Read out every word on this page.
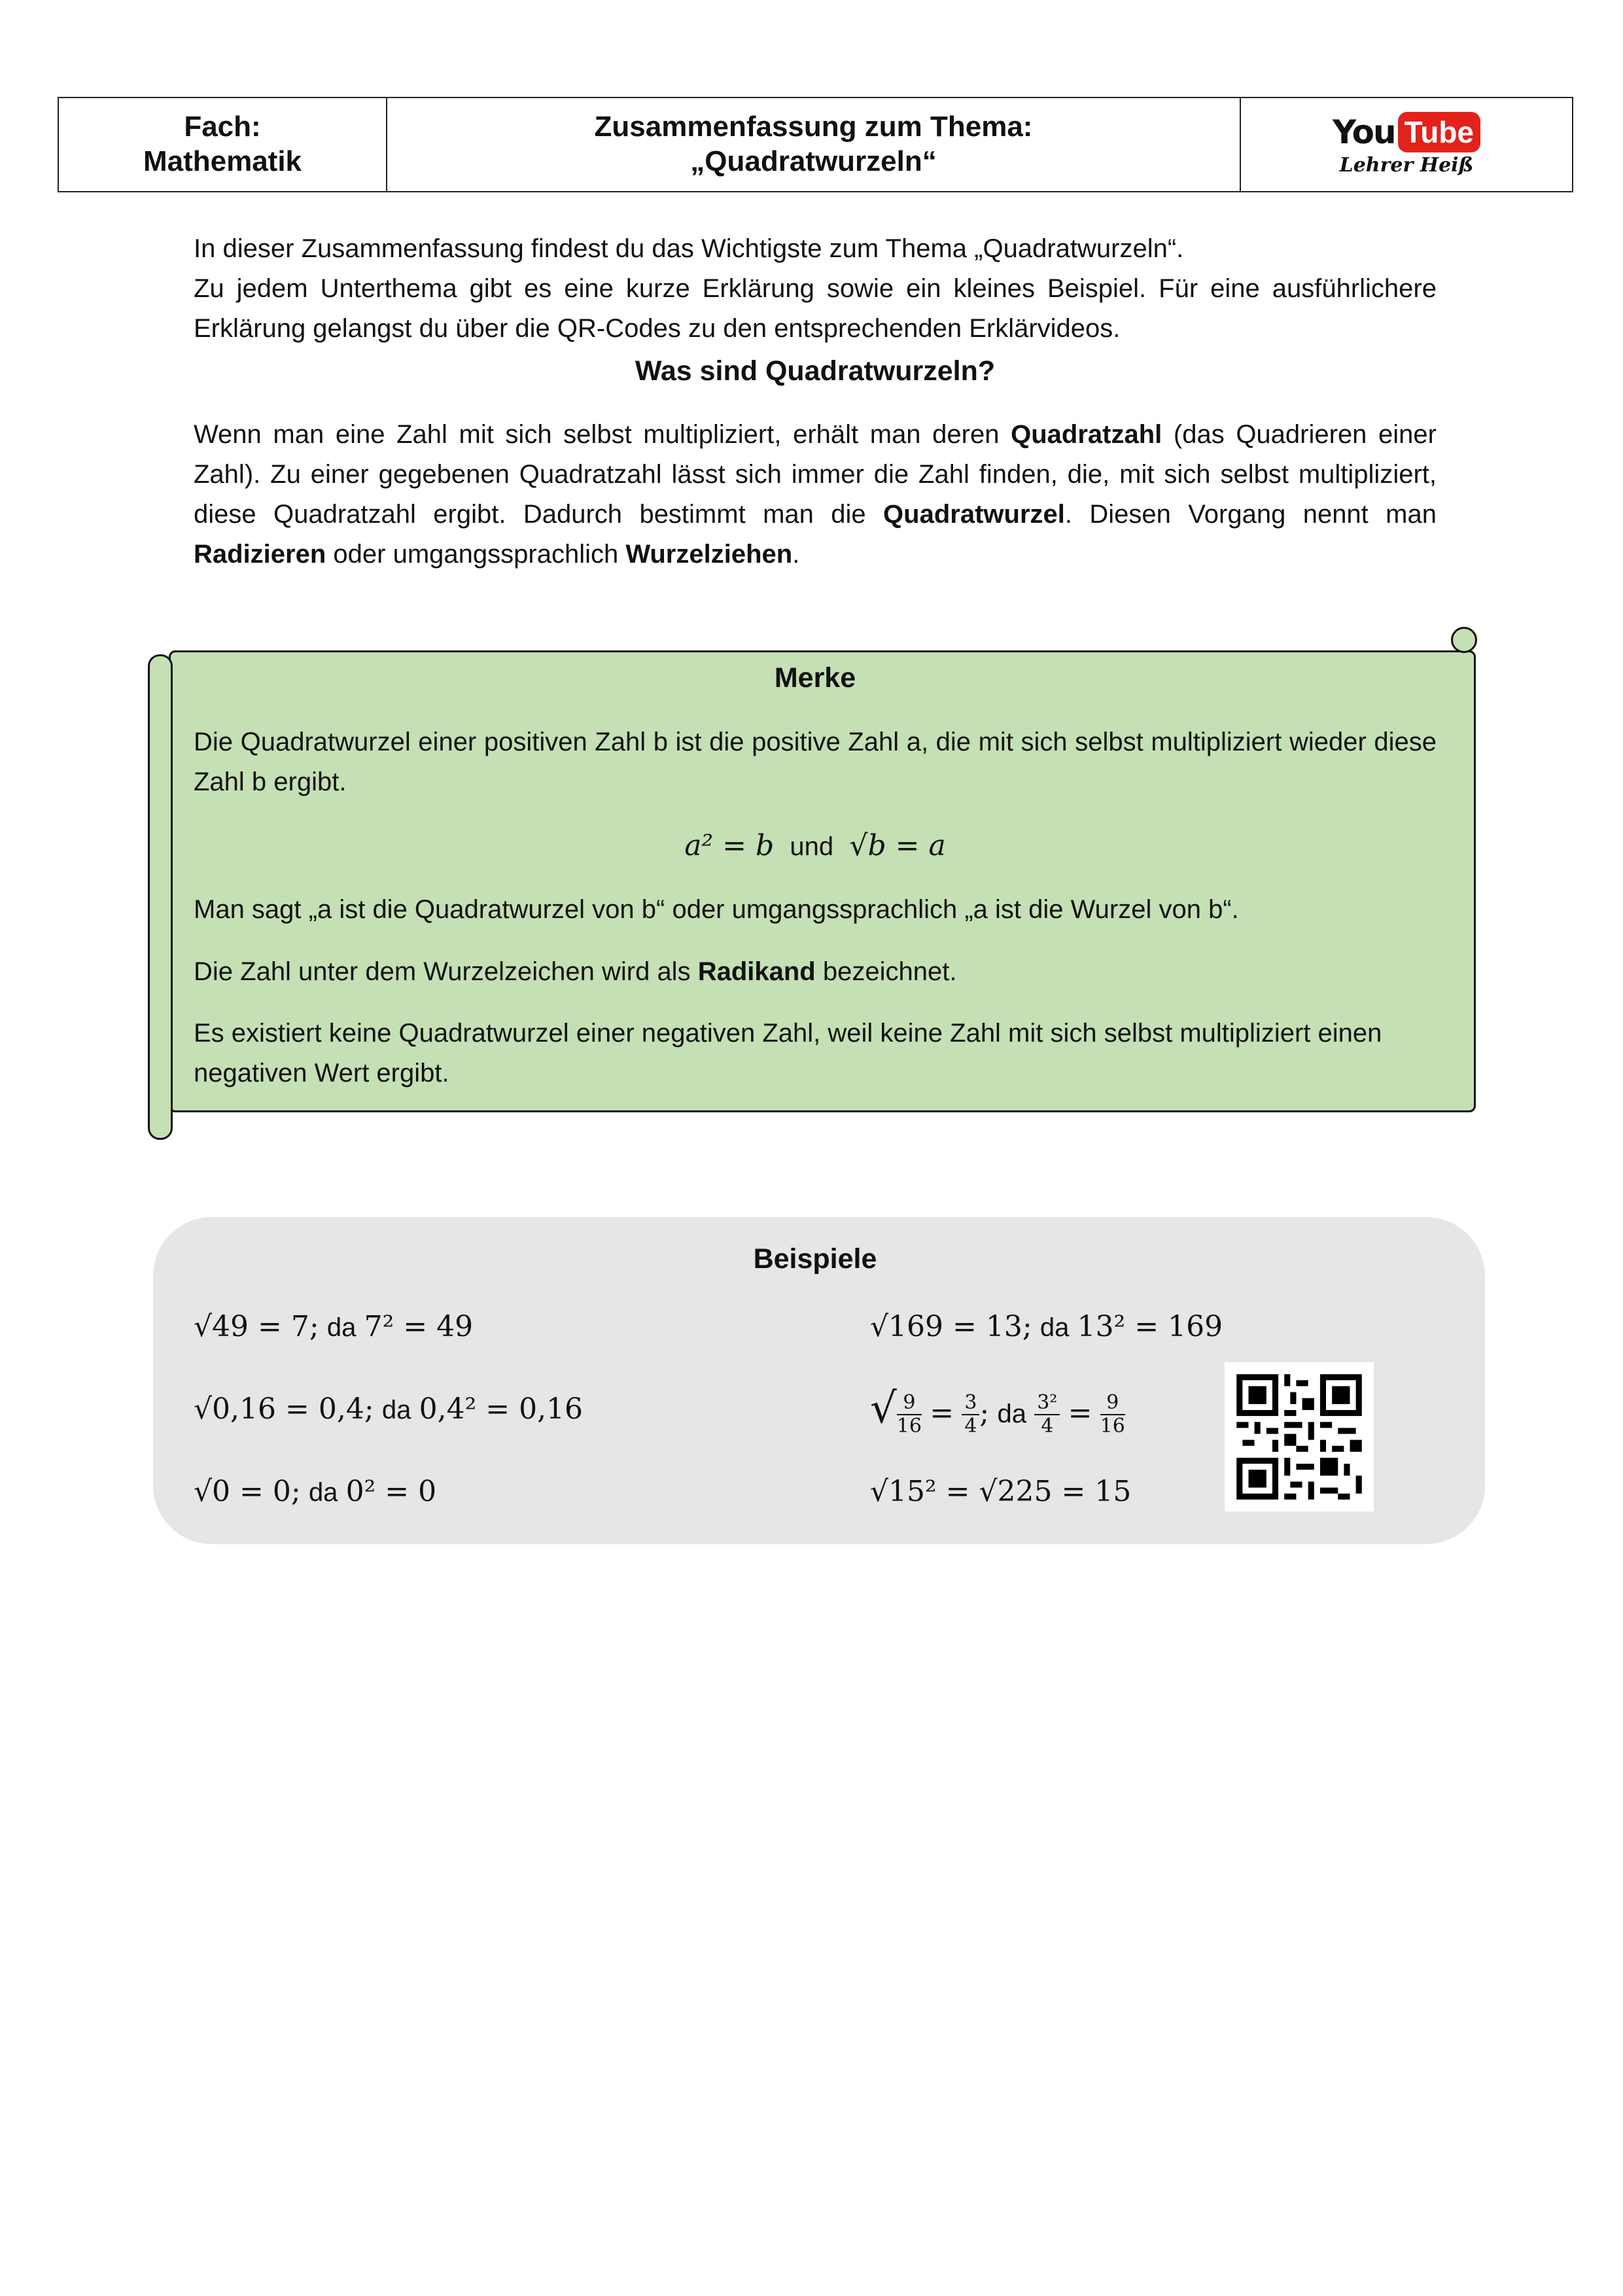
Fach:
Mathematik
Zusammenfassung zum Thema:
„Quadratwurzeln“
You Tube
Lehrer Heiß
In dieser Zusammenfassung findest du das Wichtigste zum Thema „Quadratwurzeln“.
Zu jedem Unterthema gibt es eine kurze Erklärung sowie ein kleines Beispiel. Für eine ausführlichere Erklärung gelangst du über die QR-Codes zu den entsprechenden Erklärvideos.
Was sind Quadratwurzeln?
Wenn man eine Zahl mit sich selbst multipliziert, erhält man deren Quadratzahl (das Quadrieren einer Zahl). Zu einer gegebenen Quadratzahl lässt sich immer die Zahl finden, die, mit sich selbst multipliziert, diese Quadratzahl ergibt. Dadurch bestimmt man die Quadratwurzel. Diesen Vorgang nennt man Radizieren oder umgangssprachlich Wurzelziehen.
Merke
Die Quadratwurzel einer positiven Zahl b ist die positive Zahl a, die mit sich selbst multipliziert wieder diese Zahl b ergibt.
a² = b und √b = a
Man sagt „a ist die Quadratwurzel von b“ oder umgangssprachlich „a ist die Wurzel von b“.
Die Zahl unter dem Wurzelzeichen wird als Radikand bezeichnet.
Es existiert keine Quadratwurzel einer negativen Zahl, weil keine Zahl mit sich selbst multipliziert einen negativen Wert ergibt.
Beispiele
√49 = 7; da 7² = 49
√0,16 = 0,4; da 0,4² = 0,16
√0 = 0; da 0² = 0
√169 = 13; da 13² = 169
√ $\frac{9}{16} = \frac{3}{4}$ ; da $\frac{\text{3²}}{4} = \frac{9}{16}$
√15² = √225 = 15
